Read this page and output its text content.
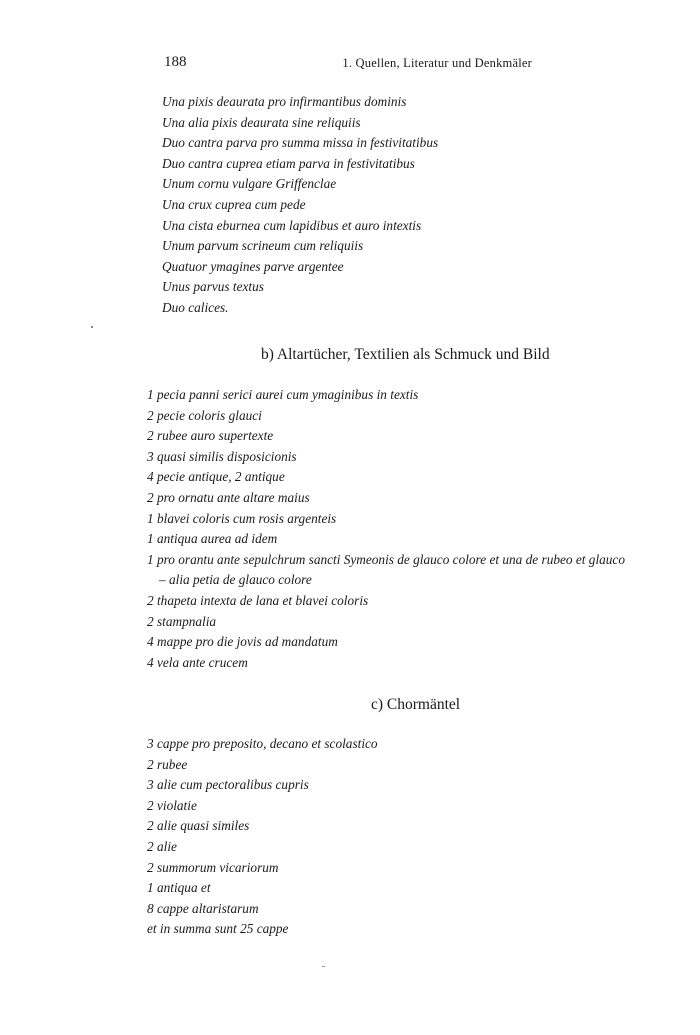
188	1. Quellen, Literatur und Denkmäler
Una pixis deaurata pro infirmantibus dominis
Una alia pixis deaurata sine reliquiis
Duo cantra parva pro summa missa in festivitatibus
Duo cantra cuprea etiam parva in festivitatibus
Unum cornu vulgare Griffenclae
Una crux cuprea cum pede
Una cista eburnea cum lapidibus et auro intextis
Unum parvum scrineum cum reliquiis
Quatuor ymagines parve argentee
Unus parvus textus
Duo calices.
b) Altartücher, Textilien als Schmuck und Bild
1 pecia panni serici aurei cum ymaginibus in textis
2 pecie coloris glauci
2 rubee auro supertexte
3 quasi similis disposicionis
4 pecie antique, 2 antique
2 pro ornatu ante altare maius
1 blavei coloris cum rosis argenteis
1 antiqua aurea ad idem
1 pro orantu ante sepulchrum sancti Symeonis de glauco colore et una de rubeo et glauco
– alia petia de glauco colore
2 thapeta intexta de lana et blavei coloris
2 stampnalia
4 mappe pro die jovis ad mandatum
4 vela ante crucem
c) Chormäntel
3 cappe pro preposito, decano et scolastico
2 rubee
3 alie cum pectoralibus cupris
2 violatie
2 alie quasi similes
2 alie
2 summorum vicariorum
1 antiqua et
8 cappe altaristarum
et in summa sunt 25 cappe
